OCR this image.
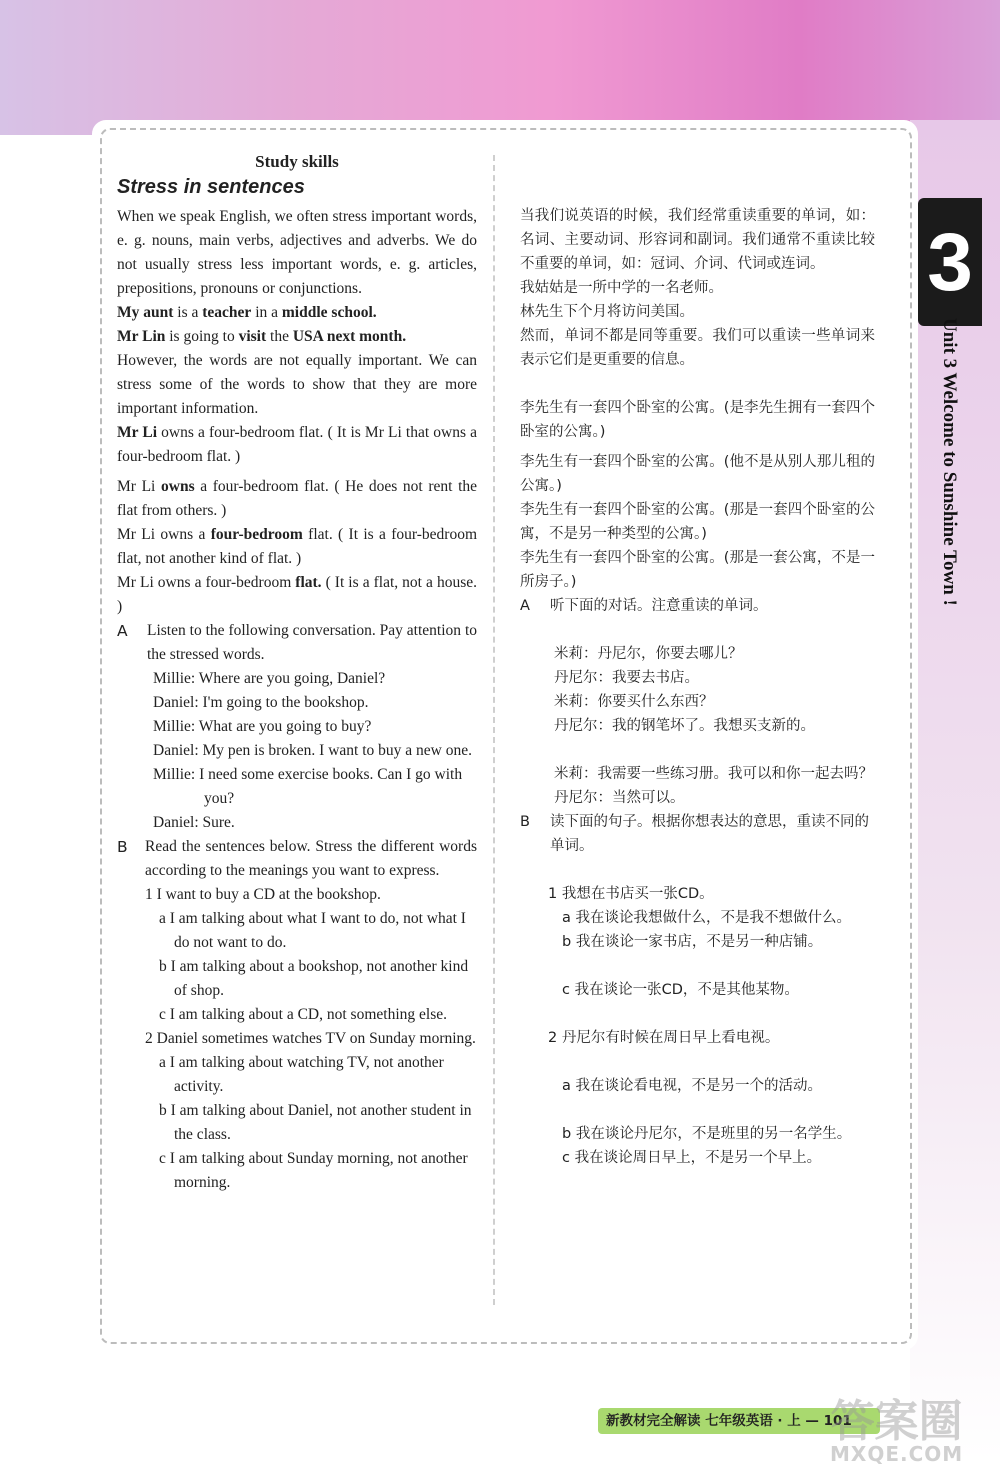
Study skills

Stress in sentences

When we speak English, we often stress important words, e. g. nouns, main verbs, adjectives and adverbs. We do not usually stress less important words, e. g. articles, prepositions, pronouns or conjunctions.

My aunt is a teacher in a middle school.

Mr Lin is going to visit the USA next month.

However, the words are not equally important. We can stress some of the words to show that they are more important information.

Mr Li owns a four-bedroom flat. ( It is Mr Li that owns a four-bedroom flat. )

Mr Li owns a four-bedroom flat. ( He does not rent the flat from others. )

Mr Li owns a four-bedroom flat. ( It is a four-bedroom flat, not another kind of flat. )

Mr Li owns a four-bedroom flat. ( It is a flat, not a house. )

A	Listen to the following conversation. Pay attention to the stressed words.
Millie: Where are you going, Daniel?
Daniel: I'm going to the bookshop.
Millie: What are you going to buy?
Daniel: My pen is broken. I want to buy a new one.
Millie: I need some exercise books. Can I go with you?
Daniel: Sure.
B	Read the sentences below. Stress the different words according to the meanings you want to express.
1 I want to buy a CD at the bookshop.
a I am talking about what I want to do, not what I do not want to do.
b I am talking about a bookshop, not another kind of shop.
c I am talking about a CD, not something else.
2 Daniel sometimes watches TV on Sunday morning.
a I am talking about watching TV, not another activity.
b I am talking about Daniel, not another student in the class.
c I am talking about Sunday morning, not another morning.

当我们说英语的时候，我们经常重读重要的单词，如：名词、主要动词、形容词和副词。我们通常不重读比较不重要的单词，如：冠词、介词、代词或连词。

我姑姑是一所中学的一名老师。

林先生下个月将访问美国。

然而，单词不都是同等重要。我们可以重读一些单词来表示它们是更重要的信息。

李先生有一套四个卧室的公寓。(是李先生拥有一套四个卧室的公寓。)

李先生有一套四个卧室的公寓。(他不是从别人那儿租的公寓。)

李先生有一套四个卧室的公寓。(那是一套四个卧室的公寓，不是另一种类型的公寓。)

李先生有一套四个卧室的公寓。(那是一套公寓，不是一所房子。)

A	听下面的对话。注意重读的单词。
米莉：丹尼尔，你要去哪儿？
丹尼尔：我要去书店。
米莉：你要买什么东西？
丹尼尔：我的钢笔坏了。我想买支新的。
米莉：我需要一些练习册。我可以和你一起去吗？
丹尼尔：当然可以。
B	读下面的句子。根据你想表达的意思，重读不同的单词。
1 我想在书店买一张CD。
a 我在谈论我想做什么，不是我不想做什么。
b 我在谈论一家书店，不是另一种店铺。
c 我在谈论一张CD，不是其他某物。
2 丹尼尔有时候在周日早上看电视。
a 我在谈论看电视，不是另一个的活动。
b 我在谈论丹尼尔，不是班里的另一名学生。
c 我在谈论周日早上，不是另一个早上。
3
Unit 3 Welcome to Sunshine Town !
新教材完全解读 七年级英语 · 上 — 101
答案圈
MXQE.COM
